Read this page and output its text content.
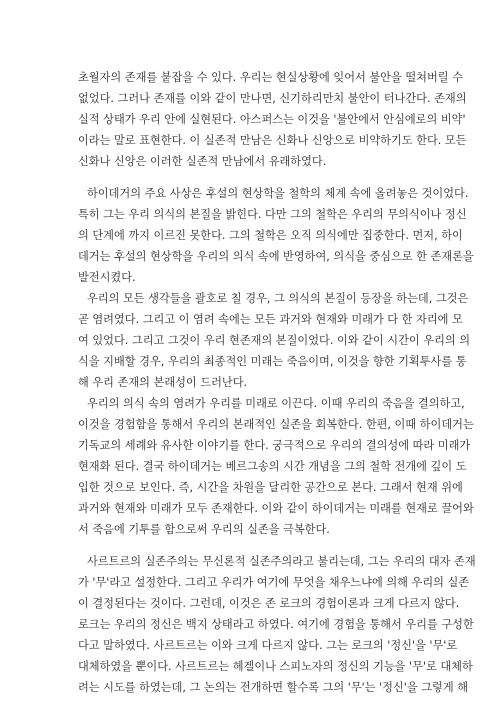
초월자의 존재를 붙잡을 수 있다. 우리는 현실상황에 잊어서 불안을 떨쳐버릴 수
없었다. 그러나 존재를 이와 같이 만나면, 신기하리만치 불안이 터나간다. 존재의
실적 상태가 우리 안에 실현된다. 아스퍼스는 이것을 '불안에서 안심에로의 비약'
이라는 말로 표현한다. 이 실존적 만남은 신화나 신앙으로 비약하기도 한다. 모든
신화나 신앙은 이러한 실존적 만남에서 유래하였다.
하이데거의 주요 사상은 후설의 현상학을 철학의 체계 속에 올려놓은 것이었다.
특히 그는 우리 의식의 본질을 밝힌다. 다만 그의 철학은 우리의 무의식이나 정신
의 단계에 까지 이르진 못한다. 그의 철학은 오직 의식에만 집중한다. 먼저, 하이
데거는 후설의 현상학을 우리의 의식 속에 반영하여, 의식을 중심으로 한 존재론을
발전시켰다.
우리의 모든 생각들을 괄호로 칠 경우, 그 의식의 본질이 등장을 하는데, 그것은
곧 염려였다. 그리고 이 염려 속에는 모든 과거와 현재와 미래가 다 한 자리에 모
여 있었다. 그리고 그것이 우리 현존재의 본질이었다. 이와 같이 시간이 우리의 의
식을 지배할 경우, 우리의 최종적인 미래는 죽음이며, 이것을 향한 기획투사를 통
해 우리 존재의 본래성이 드러난다.
우리의 의식 속의 염려가 우리를 미래로 이끈다. 이때 우리의 죽음을 결의하고,
이것을 경험함을 통해서 우리의 본래적인 실존을 회복한다. 한편, 이때 하이데거는
기독교의 세례와 유사한 이야기를 한다. 궁극적으로 우리의 결의성에 따라 미래가
현재화 된다. 결국 하이데거는 베르그송의 시간 개념을 그의 철학 전개에 깊이 도
입한 것으로 보인다. 즉, 시간을 차원을 달리한 공간으로 본다. 그래서 현재 위에
과거와 현재와 미래가 모두 존재한다. 이와 같이 하이데거는 미래를 현재로 끌어와
서 죽음에 기투를 함으로써 우리의 실존을 극복한다.
사르트르의 실존주의는 무신론적 실존주의라고 불리는데, 그는 우리의 대자 존재
가 '무'라고 설정한다. 그리고 우리가 여기에 무엇을 채우느냐에 의해 우리의 실존
이 결정된다는 것이다. 그런데, 이것은 존 로크의 경험이론과 크게 다르지 않다.
로크는 우리의 정신은 백지 상태라고 하였다. 여기에 경험을 통해서 우리를 구성한
다고 말하였다. 사르트르는 이와 크게 다르지 않다. 그는 로크의 '정신'을 '무'로
대체하였을 뿐이다. 사르트르는 헤겔이나 스피노자의 정신의 기능을 '무'로 대체하
려는 시도를 하였는데, 그 논의는 전개하면 할수록 그의 '무'는 '정신'을 그렇게 해
